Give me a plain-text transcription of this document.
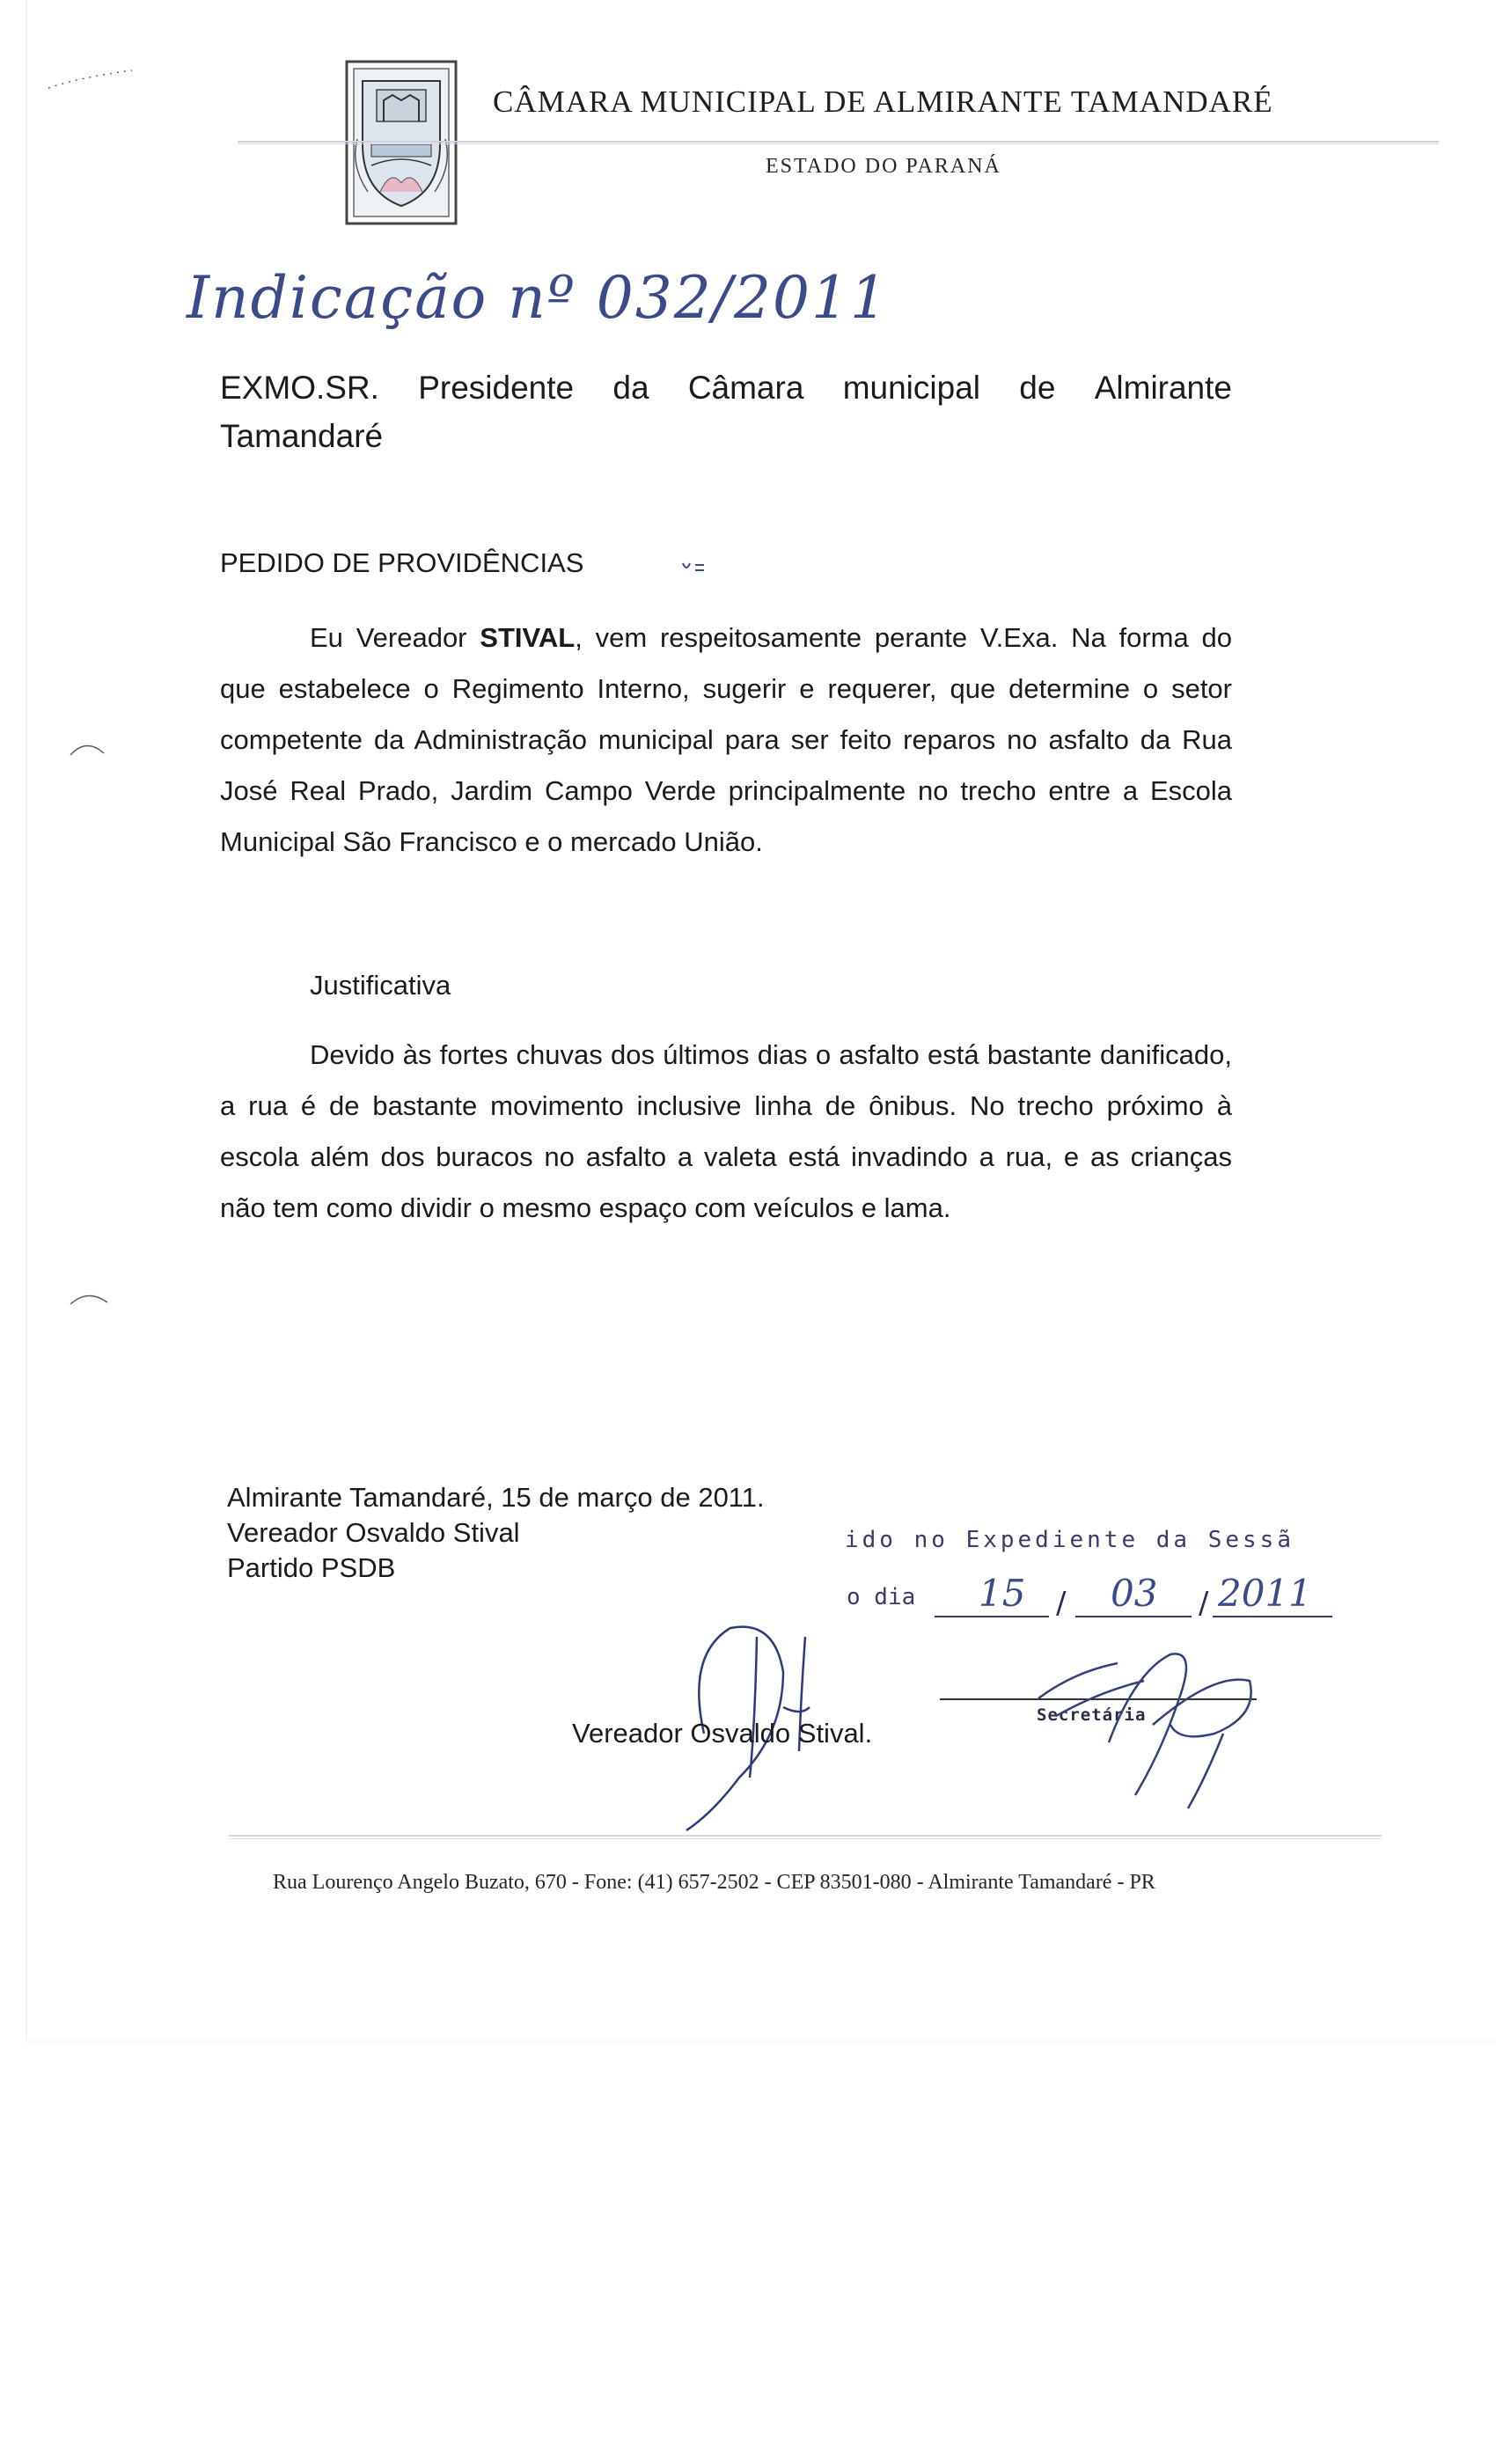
CÂMARA MUNICIPAL DE ALMIRANTE TAMANDARÉ
ESTADO DO PARANÁ
Indicação nº 032/2011
EXMO.SR. Presidente da Câmara municipal de Almirante
Tamandaré
PEDIDO DE PROVIDÊNCIAS

Eu Vereador STIVAL, vem respeitosamente perante V.Exa. Na forma do que estabelece o Regimento Interno, sugerir e requerer, que determine o setor competente da Administração municipal para ser feito reparos no asfalto da Rua José Real Prado, Jardim Campo Verde principalmente no trecho entre a Escola Municipal São Francisco e o mercado União.

Justificativa

Devido às fortes chuvas dos últimos dias o asfalto está bastante danificado, a rua é de bastante movimento inclusive linha de ônibus. No trecho próximo à escola além dos buracos no asfalto a valeta está invadindo a rua, e as crianças não tem como dividir o mesmo espaço com veículos e lama.

Almirante Tamandaré, 15 de março de 2011.
Vereador Osvaldo Stival
Partido PSDB
ido no Expediente da Sessã
o dia 15 / 03 / 2011
Secretária
Vereador Osvaldo Stival.
Rua Lourenço Angelo Buzato, 670 - Fone: (41) 657-2502 - CEP 83501-080 - Almirante Tamandaré - PR
